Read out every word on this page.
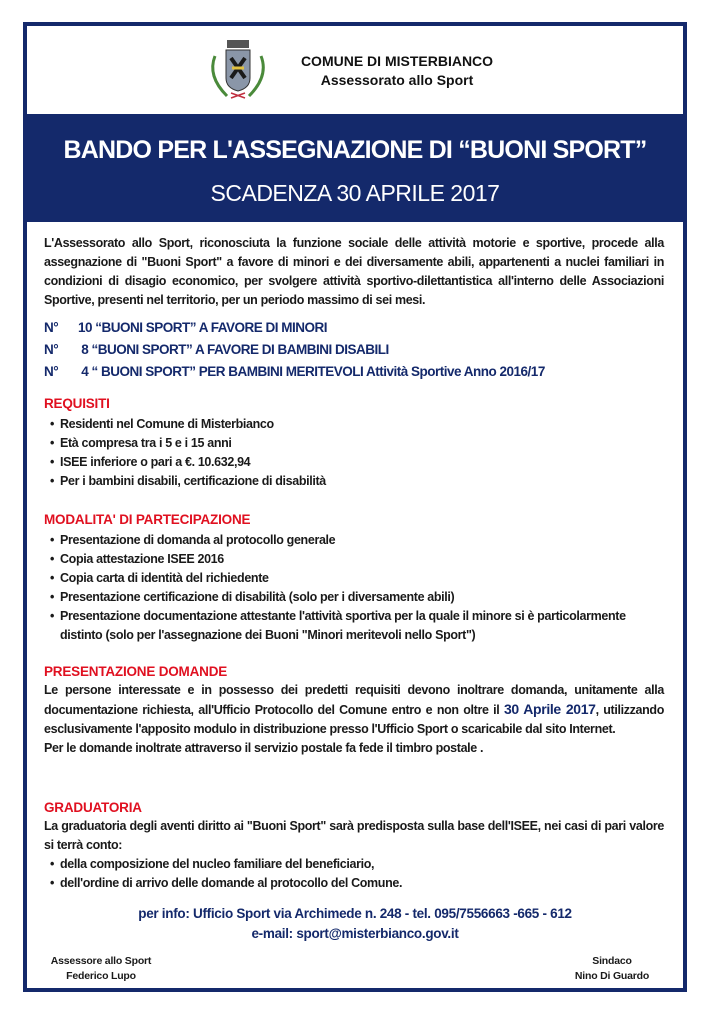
COMUNE DI MISTERBIANCO
Assessorato allo Sport
BANDO PER L'ASSEGNAZIONE DI “BUONI SPORT”
SCADENZA 30 APRILE 2017
L'Assessorato allo Sport, riconosciuta la funzione sociale delle attività motorie e sportive, procede alla assegnazione di "Buoni Sport" a favore di minori e dei diversamente abili, appartenenti a nuclei familiari in condizioni di disagio economico, per svolgere attività sportivo-dilettantistica all'interno delle Associazioni Sportive, presenti nel territorio, per un periodo massimo di sei mesi.
N° 10 “BUONI SPORT” A FAVORE DI MINORI
N° 8 “BUONI SPORT” A FAVORE DI BAMBINI DISABILI
N° 4 “ BUONI SPORT” PER BAMBINI MERITEVOLI Attività Sportive Anno 2016/17
REQUISITI
• Residenti nel Comune di Misterbianco
• Età compresa tra i 5 e i 15 anni
• ISEE inferiore o pari a €. 10.632,94
• Per i bambini disabili, certificazione di disabilità
MODALITA' DI PARTECIPAZIONE
• Presentazione di domanda al protocollo generale
• Copia attestazione ISEE 2016
• Copia carta di identità del richiedente
• Presentazione certificazione di disabilità (solo per i diversamente abili)
• Presentazione documentazione attestante l'attività sportiva per la quale il minore si è particolarmente distinto (solo per l'assegnazione dei Buoni "Minori meritevoli nello Sport")
PRESENTAZIONE DOMANDE
Le persone interessate e in possesso dei predetti requisiti devono inoltrare domanda, unitamente alla documentazione richiesta, all'Ufficio Protocollo del Comune entro e non oltre il 30 Aprile 2017, utilizzando esclusivamente l'apposito modulo in distribuzione presso l'Ufficio Sport o scaricabile dal sito Internet.
Per le domande inoltrate attraverso il servizio postale fa fede il timbro postale .
GRADUATORIA
La graduatoria degli aventi diritto ai "Buoni Sport" sarà predisposta sulla base dell'ISEE, nei casi di pari valore si terrà conto:
• della composizione del nucleo familiare del beneficiario,
• dell'ordine di arrivo delle domande al protocollo del Comune.
per info: Ufficio Sport via Archimede n. 248 - tel. 095/7556663 -665 - 612
e-mail: sport@misterbianco.gov.it
Assessore allo Sport
Federico Lupo
Sindaco
Nino Di Guardo
